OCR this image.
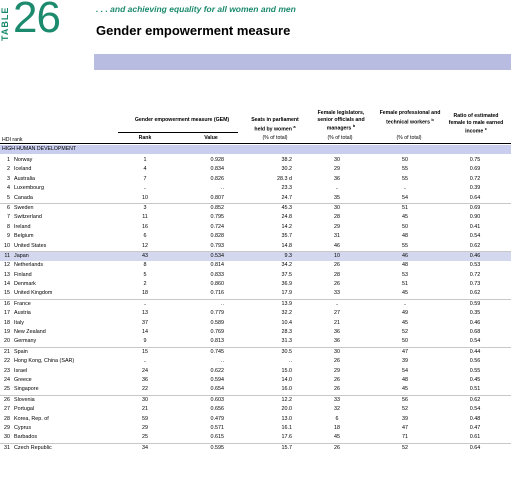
TABLE 26	. . . and achieving equality for all women and men
Gender empowerment measure
Gender empowerment measure (GEM)
Rank	Value
Seats in parliament held by women $^a$
(% of total)
Female legislators, senior officials and managers $^b$
(% of total)
Female professional and technical workers $^b$
(% of total)
Ratio of estimated female to male earned income $^c$
HDI rank
HIGH HUMAN DEVELOPMENT
1 Norway	1	0.928	38.2	30	50	0.75
2 Iceland	4	0.834	30.2	29	55	0.69
3 Australia	7	0.826	28.3 d	36	55	0.72
4 Luxembourg	..	..	23.3	..	..	0.39
5 Canada	10	0.807	24.7	35	54	0.64
6 Sweden	3	0.852	45.3	30	51	0.69
7 Switzerland	11	0.795	24.8	28	45	0.90
8 Ireland	16	0.724	14.2	29	50	0.41
9 Belgium	6	0.828	35.7	31	48	0.54
10 United States	12	0.793	14.8	46	55	0.62
11 Japan	43	0.534	9.3	10	46	0.46
12 Netherlands	8	0.814	34.2	26	48	0.53
13 Finland	5	0.833	37.5	28	53	0.72
14 Denmark	2	0.860	36.9	26	51	0.73
15 United Kingdom	18	0.716	17.9	33	45	0.62
16 France	..	..	13.9	..	..	0.59
17 Austria	13	0.779	32.2	27	49	0.35
18 Italy	37	0.589	10.4	21	45	0.46
19 New Zealand	14	0.769	28.3	36	52	0.68
20 Germany	9	0.813	31.3	36	50	0.54
21 Spain	15	0.745	30.5	30	47	0.44
22 Hong Kong, China (SAR)	..	..	..	26	39	0.56
23 Israel	24	0.622	15.0	29	54	0.55
24 Greece	36	0.594	14.0	26	48	0.45
25 Singapore	22	0.654	16.0	26	45	0.51
26 Slovenia	30	0.603	12.2	33	56	0.62
27 Portugal	21	0.656	20.0	32	52	0.54
28 Korea, Rep. of	59	0.479	13.0	6	39	0.48
29 Cyprus	29	0.571	16.1	18	47	0.47
30 Barbados	25	0.615	17.6	45	71	0.61
31 Czech Republic	34	0.595	15.7	26	52	0.64
